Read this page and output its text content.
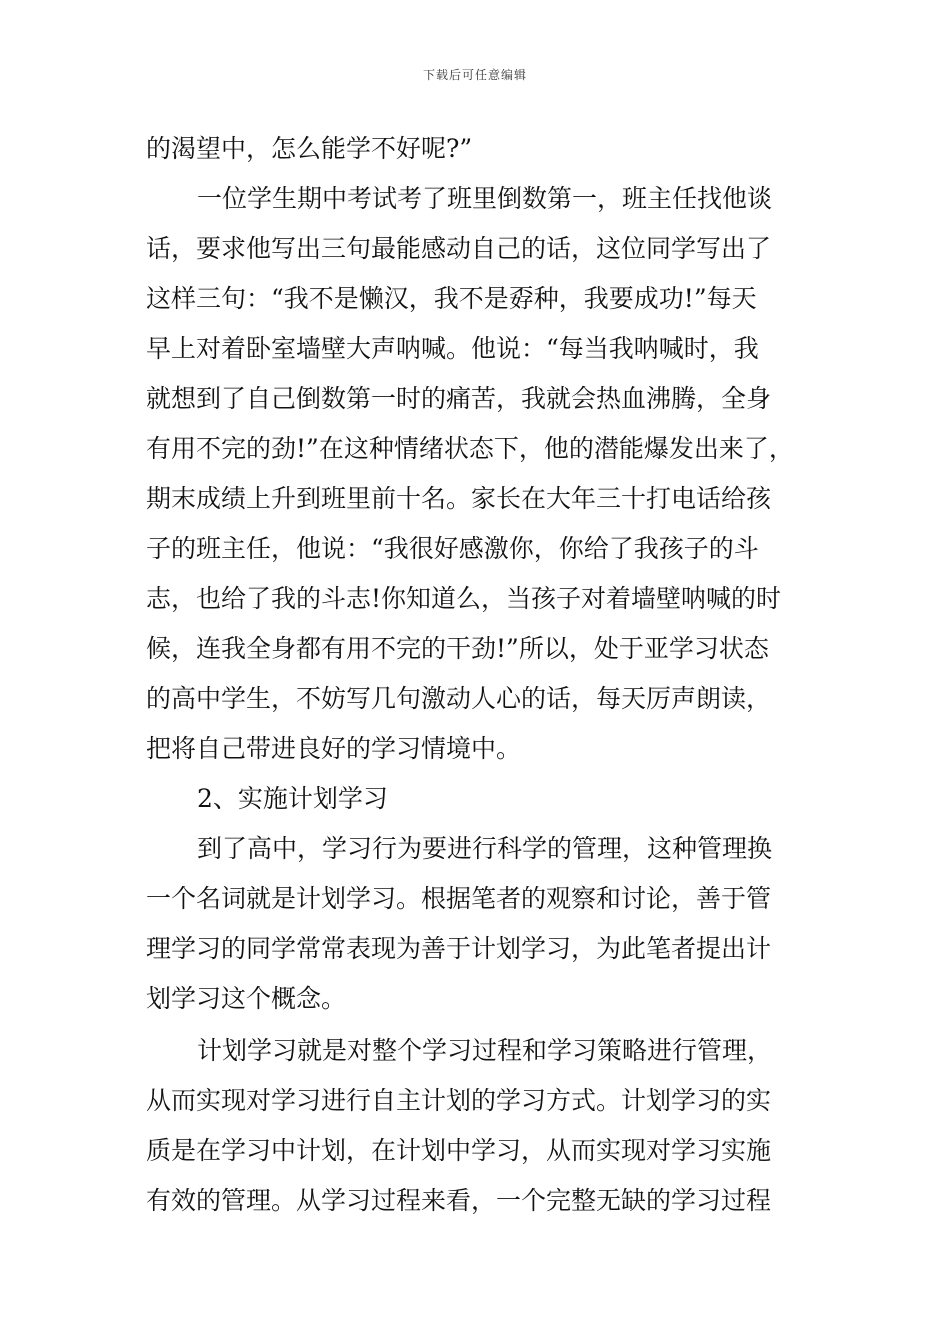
下载后可任意编辑
的渴望中，怎么能学不好呢?”
一位学生期中考试考了班里倒数第一，班主任找他谈
话，要求他写出三句最能感动自己的话，这位同学写出了
这样三句：“我不是懒汉，我不是孬种，我要成功!”每天
早上对着卧室墙壁大声呐喊。他说：“每当我呐喊时，我
就想到了自己倒数第一时的痛苦，我就会热血沸腾，全身
有用不完的劲!”在这种情绪状态下，他的潜能爆发出来了，
期末成绩上升到班里前十名。家长在大年三十打电话给孩
子的班主任，他说：“我很好感激你，你给了我孩子的斗
志，也给了我的斗志!你知道么，当孩子对着墙壁呐喊的时
候，连我全身都有用不完的干劲!”所以，处于亚学习状态
的高中学生，不妨写几句激动人心的话，每天厉声朗读，
把将自己带进良好的学习情境中。
2、实施计划学习
到了高中，学习行为要进行科学的管理，这种管理换
一个名词就是计划学习。根据笔者的观察和讨论，善于管
理学习的同学常常表现为善于计划学习，为此笔者提出计
划学习这个概念。
计划学习就是对整个学习过程和学习策略进行管理，
从而实现对学习进行自主计划的学习方式。计划学习的实
质是在学习中计划，在计划中学习，从而实现对学习实施
有效的管理。从学习过程来看，一个完整无缺的学习过程
